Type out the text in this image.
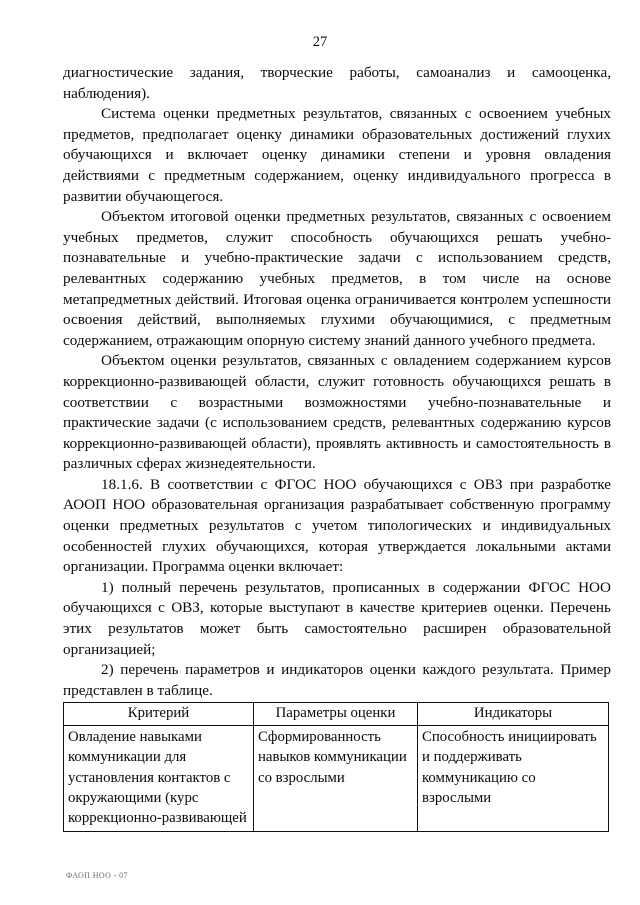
27

диагностические задания, творческие работы, самоанализ и самооценка, наблюдения).

Система оценки предметных результатов, связанных с освоением учебных предметов, предполагает оценку динамики образовательных достижений глухих обучающихся и включает оценку динамики степени и уровня овладения действиями с предметным содержанием, оценку индивидуального прогресса в развитии обучающегося.

Объектом итоговой оценки предметных результатов, связанных с освоением учебных предметов, служит способность обучающихся решать учебно-познавательные и учебно-практические задачи с использованием средств, релевантных содержанию учебных предметов, в том числе на основе метапредметных действий. Итоговая оценка ограничивается контролем успешности освоения действий, выполняемых глухими обучающимися, с предметным содержанием, отражающим опорную систему знаний данного учебного предмета.

Объектом оценки результатов, связанных с овладением содержанием курсов коррекционно-развивающей области, служит готовность обучающихся решать в соответствии с возрастными возможностями учебно-познавательные и практические задачи (с использованием средств, релевантных содержанию курсов коррекционно-развивающей области), проявлять активность и самостоятельность в различных сферах жизнедеятельности.

18.1.6. В соответствии с ФГОС НОО обучающихся с ОВЗ при разработке АООП НОО образовательная организация разрабатывает собственную программу оценки предметных результатов с учетом типологических и индивидуальных особенностей глухих обучающихся, которая утверждается локальными актами организации. Программа оценки включает:

1) полный перечень результатов, прописанных в содержании ФГОС НОО обучающихся с ОВЗ, которые выступают в качестве критериев оценки. Перечень этих результатов может быть самостоятельно расширен образовательной организацией;

2) перечень параметров и индикаторов оценки каждого результата. Пример представлен в таблице.

Критерий	Параметры оценки	Индикаторы
Овладение навыками коммуникации для установления контактов с окружающими (курс коррекционно-развивающей	Сформированность навыков коммуникации со взрослыми	Способность инициировать и поддерживать коммуникацию со взрослыми
ФАОП НОО - 07
